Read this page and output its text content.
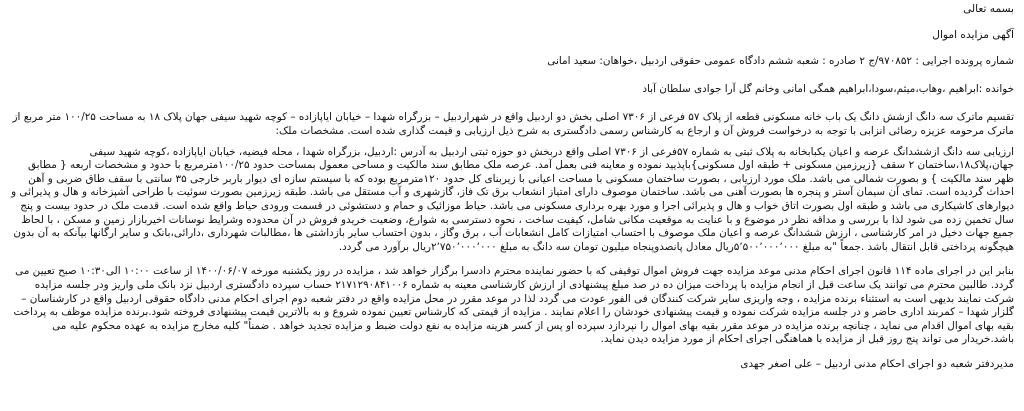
بسمه تعالی

آگهی مزایده اموال

شماره پرونده اجرایی : ۹۷۰۸۵۲/ج ۲ صادره : شعبه ششم دادگاه عمومی حقوقی اردبیل ،خواهان: سعید امانی

خوانده :ابراهیم ،وهاب،میثم،سودا،ابراهیم همگی امانی وخانم گل آرا جوادی سلطان آباد

تقسیم ماترک سه دانگ ازشش دانگ یک باب خانه مسکونی قطعه از پلاک ۵۷ فرعی از ۷۳۰۶ اصلی بخش دو اردبیل واقع در شهراردبیل – بزرگراه شهدا – خیابان ایاپازاده – کوچه شهید سیفی جهان پلاک ۱۸ به مساحت ۱۰۰/۲۵ متر مربع از ماترک مرحومه عزیزه رضائی انزابی با توجه به درخواست فروش آن و ارجاع به کارشناس رسمی دادگستری به شرح ذیل ارزیابی و قیمت گذاری شده است. مشخصات ملک:

ارزیابی سه دانگ ازششدانگ عرصه و اعیان یکبابخانه به پلاک ثبتی به شماره ۵۷فرعی از ۷۳۰۶ اصلی واقع دربخش دو حوزه ثبتی اردبیل به آدرس :اردبیل، بزرگراه شهدا ، محله فیضیه، خیابان ایاپازاده ،کوچه شهید سیفی جهان،پلاک۱۸،ساختمان ۲ سقف {زیرزمین مسکونی + طبقه اول مسکونی}باپذیید نموده و معاینه فنی بعمل آمد. عرصه ملک مطابق سند مالکیت و مساحی معمول بمساحت حدود ۱۰۰/۲۵متر‌مربع با حدود و مشخصات اربعه { مطابق ظهر سند مالکیت } و بصورت شمالی می باشد. ملک مورد ارزیابی ، بصورت ساختمان مسکونی با مساحت اعیانی با زیربنای کل حدود ۱۲۰مترمربع بوده که با سیستم سازه ای دیوار باربر خارجی ۳۵ سانتی با سقف طاق ضربی و آهن احداث گردیده است. تمای آن سیمان آستر و پنجره ها بصورت آهنی می باشد. ساختمان موصوف دارای امتیاز انشعاب برق تک فاز، گازشهری و آب مستقل می باشد. طبقه زیرزمین بصورت سوئیت با طراحی آشپزخانه و هال و پذیرائی و دیوارهای کاشیکاری می باشد و طبقه اول بصورت اتاق خواب و هال و پذیرائی اجرا و مورد بهره برداری مسکونی می باشد. حیاط موزائیک و حمام و دستشوئی در قسمت ورودی حیاط واقع شده است. قدمت ملک در حدود بیست و پنج سال تخمین زده می شود لذا با بررسی و مداقه نظر در موضوع و با عنایت به موقعیت مکانی شامل، کیفیت ساخت ، نحوه دسترسی به شوارع، وضعیت خریدو فروش در آن محدوده وشرایط نوسانات اخیربازار زمین و مسکن ، با لحاظ جمیع جهات دخیل در امر کارشناسی ، ارزش ششدانگ عرصه و اعیان ملک موصوف با احتساب امتیازات کامل انشعابات آب ، برق وگاز ، بدون احتساب سایر بازداشتی ها ،مطالبات شهرداری ،دارائی،بانک و سایر ارگانها بیآنکه به آن بدون هیچگونه پرداختی قابل انتقال باشد .جمعاً "به مبلغ ۵٬۵۰۰٬۰۰۰٬۰۰۰ریال معادل پانصدوپنجاه میلیون تومان سه دانگ به مبلغ ۲٬۷۵۰٬۰۰۰٬۰۰۰ریال برآورد می گردد.

بنابر این در اجرای ماده ۱۱۴ قانون اجرای احکام مدنی موعد مزایده جهت فروش اموال توقیفی که با حضور نماینده محترم دادسرا برگزار خواهد شد ، مزایده در روز یکشنبه مورخه ۱۴۰۰/۰۶/۰۷ از ساعت ۱۰:۰۰ الی۱۰:۳۰ صبح تعیین می گردد. طالبین محترم می توانند یک ساعت قبل از انجام مزایده با پرداخت میزان ده در صد مبلغ پیشنهادی از ارزش کارشناسی معینه به شماره ۲۱۷۱۲۹۰۸۴۱۰۰۶ حساب سپرده دادگستری اردبیل نزد بانک ملی واریز ودر جلسه مزایده شرکت نمایند بدیهی است به استثناء برنده مزایده ، وجه واریزی سایر شرکت کنندگان فی الفور عودت می گردد لذا در موعد مقرر در محل مزایده واقع در دفتر شعبه دوم اجرای احکام مدنی دادگاه حقوقی اردبیل واقع در کارشناسان – گلزار شهدا – کمربند اداری حاضر و در جلسه مزایده شرکت نموده و قیمت پیشنهادی خودشان را اعلام نمایند . مزایده از قیمتی که کارشناس تعیین نموده شروع و به بالاترین قیمت پیشنهادی فروخته شود.برنده مزایده موظف به پرداخت بقیه بهای اموال اقدام می نماید ، چنانچه برنده مزایده در موعد مقرر بقیه بهای اموال را نپردازد سپرده او پس از کسر هزینه مزایده به نفع دولت ضبط و مزایده تجدید خواهد . ضمناً" کلیه مخارج مزایده به عهده محکوم علیه می باشد.خریدار می تواند پنج روز قبل از مزایده با هماهنگی اجرای احکام از مورد مزایده دیدن نماید.

مدیردفتر شعبه دو اجرای احکام مدنی اردبیل – علی اصغر جهدی
